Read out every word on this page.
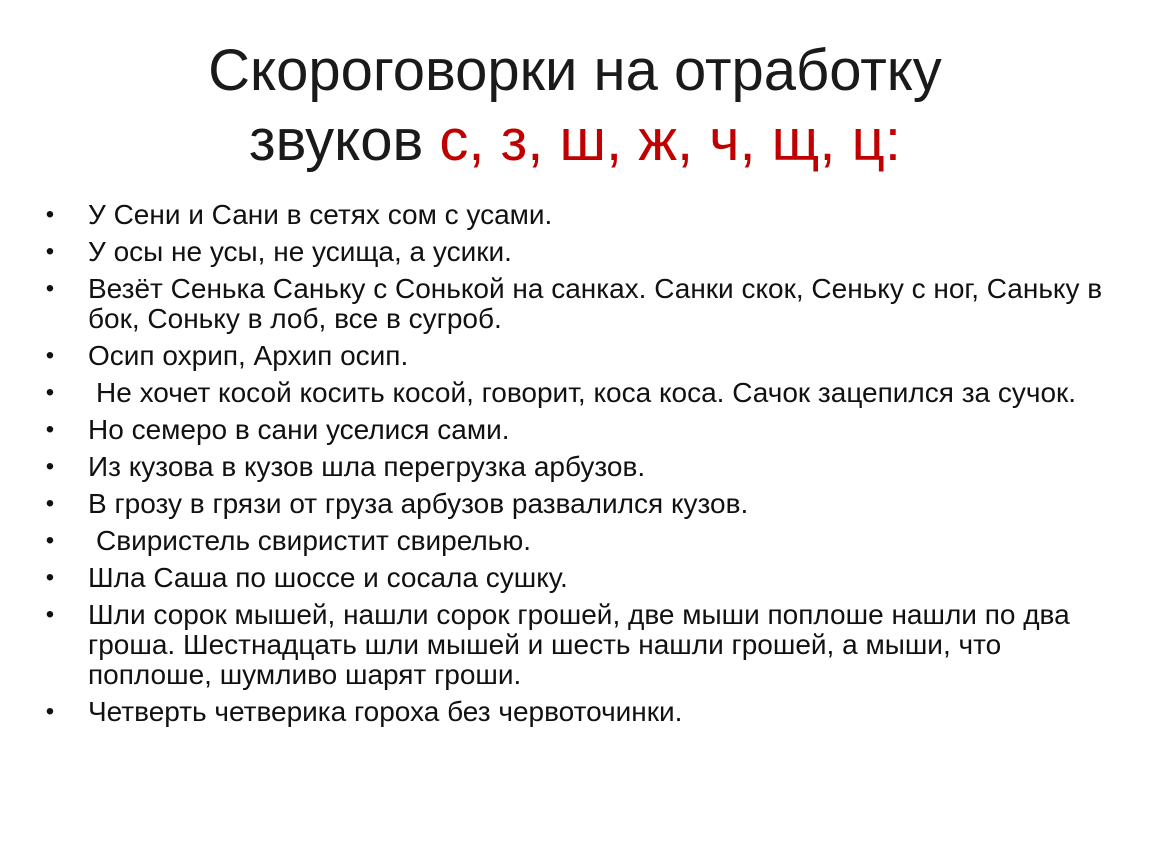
Скороговорки на отработку
звуков с, з, ш, ж, ч, щ, ц:
• У Сени и Сани в сетях сом с усами.
• У осы не усы, не усища, а усики.
• Везёт Сенька Саньку с Сонькой на санках. Санки скок, Сеньку с ног, Саньку в бок, Соньку в лоб, все в сугроб.
• Осип охрип, Архип осип.
• Не хочет косой косить косой, говорит, коса коса. Сачок зацепился за сучок.
• Но семеро в сани уселися сами.
• Из кузова в кузов шла перегрузка арбузов.
• В грозу в грязи от груза арбузов развалился кузов.
• Свиристель свиристит свирелью.
• Шла Саша по шоссе и сосала сушку.
• Шли сорок мышей, нашли сорок грошей, две мыши поплоше нашли по два гроша. Шестнадцать шли мышей и шесть нашли грошей, а мыши, что поплоше, шумливо шарят гроши.
• Четверть четверика гороха без червоточинки.
